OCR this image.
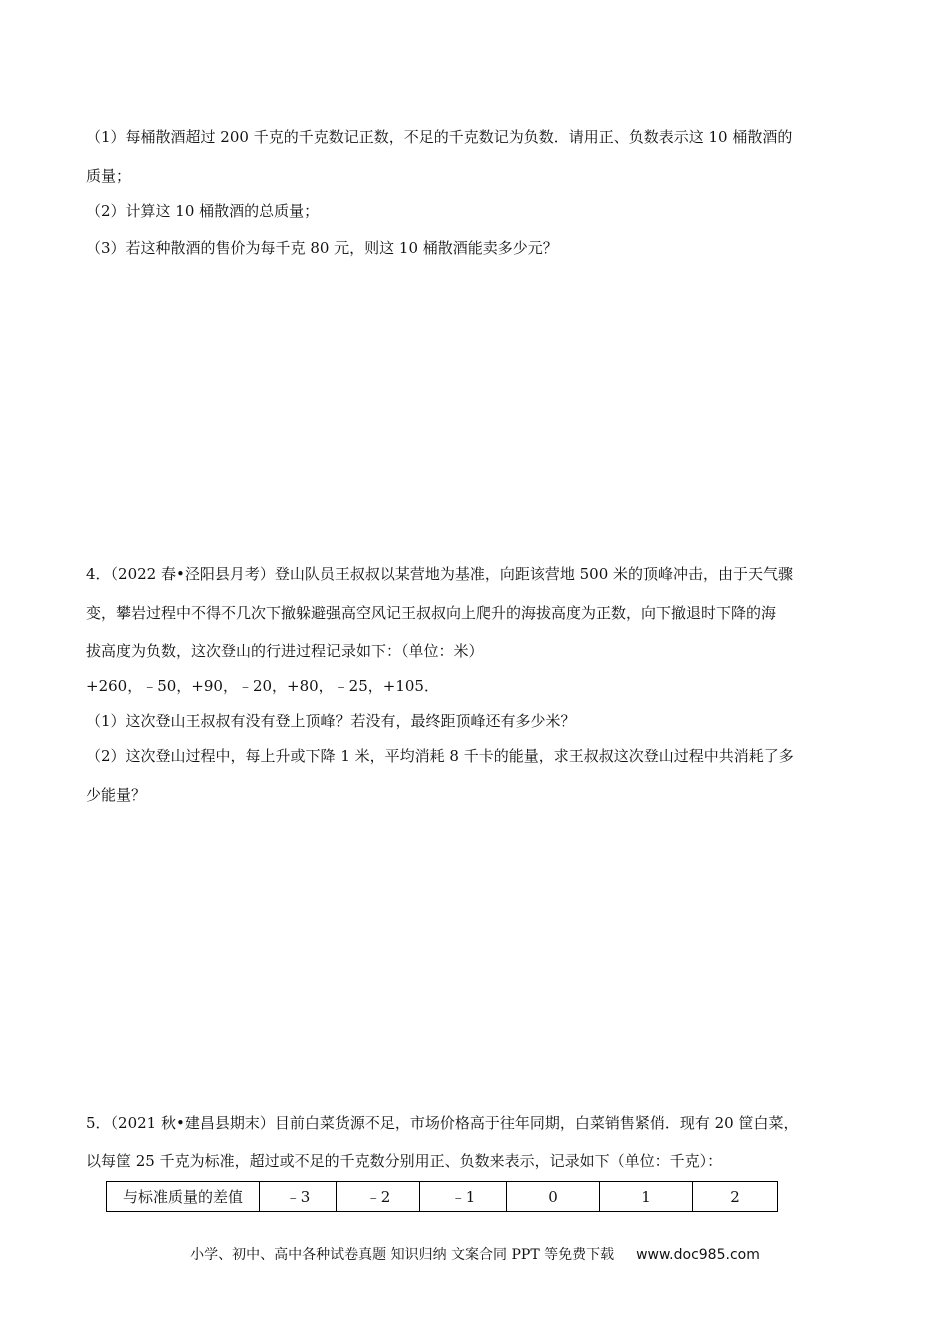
（1）每桶散酒超过 200 千克的千克数记正数，不足的千克数记为负数．请用正、负数表示这 10 桶散酒的
质量；
（2）计算这 10 桶散酒的总质量；
（3）若这种散酒的售价为每千克 80 元，则这 10 桶散酒能卖多少元？
4．（2022 春•泾阳县月考）登山队员王叔叔以某营地为基准，向距该营地 500 米的顶峰冲击，由于天气骤
变，攀岩过程中不得不几次下撤躲避强高空风记王叔叔向上爬升的海拔高度为正数，向下撤退时下降的海
拔高度为负数，这次登山的行进过程记录如下：（单位：米）
+260，﹣50，+90，﹣20，+80，﹣25，+105．
（1）这次登山王叔叔有没有登上顶峰？若没有，最终距顶峰还有多少米？
（2）这次登山过程中，每上升或下降 1 米，平均消耗 8 千卡的能量，求王叔叔这次登山过程中共消耗了多
少能量？
5．（2021 秋•建昌县期末）目前白菜货源不足，市场价格高于往年同期，白菜销售紧俏．现有 20 筐白菜，
以每筐 25 千克为标准，超过或不足的千克数分别用正、负数来表示，记录如下（单位：千克）：
与标准质量的差值	﹣3	﹣2	﹣1	0	1	2
小学、初中、高中各种试卷真题 知识归纳 文案合同 PPT 等免费下载 www.doc985.com
